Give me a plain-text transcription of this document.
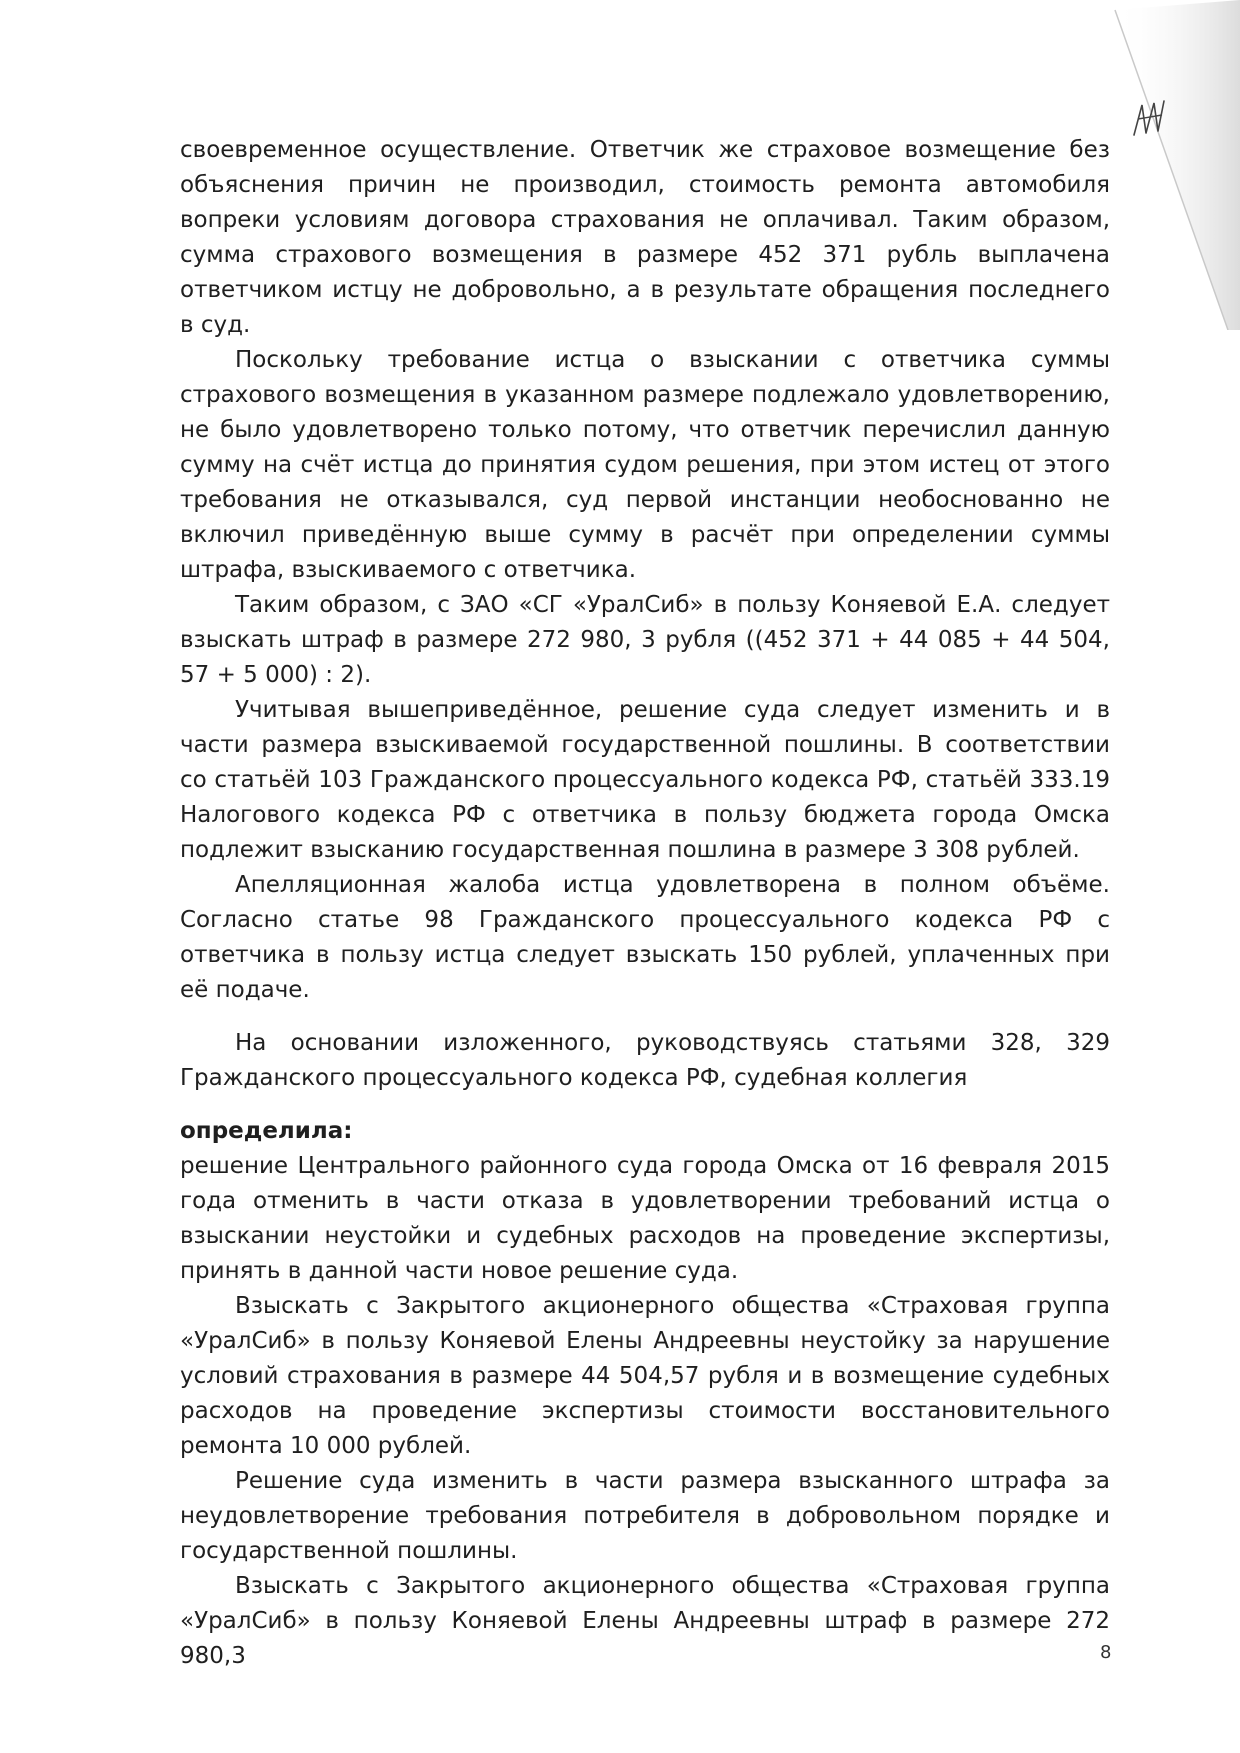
своевременное осуществление. Ответчик же страховое возмещение без объяснения причин не производил, стоимость ремонта автомобиля вопреки условиям договора страхования не оплачивал. Таким образом, сумма страхового возмещения в размере 452 371 рубль выплачена ответчиком истцу не добровольно, а в результате обращения последнего в суд.

Поскольку требование истца о взыскании с ответчика суммы страхового возмещения в указанном размере подлежало удовлетворению, не было удовлетворено только потому, что ответчик перечислил данную сумму на счёт истца до принятия судом решения, при этом истец от этого требования не отказывался, суд первой инстанции необоснованно не включил приведённую выше сумму в расчёт при определении суммы штрафа, взыскиваемого с ответчика.

Таким образом, с ЗАО «СГ «УралСиб» в пользу Коняевой Е.А. следует взыскать штраф в размере 272 980, 3 рубля ((452 371 + 44 085 + 44 504, 57 + 5 000) : 2).

Учитывая вышеприведённое, решение суда следует изменить и в части размера взыскиваемой государственной пошлины. В соответствии со статьёй 103 Гражданского процессуального кодекса РФ, статьёй 333.19 Налогового кодекса РФ с ответчика в пользу бюджета города Омска подлежит взысканию государственная пошлина в размере 3 308 рублей.

Апелляционная жалоба истца удовлетворена в полном объёме. Согласно статье 98 Гражданского процессуального кодекса РФ с ответчика в пользу истца следует взыскать 150 рублей, уплаченных при её подаче.

На основании изложенного, руководствуясь статьями 328, 329 Гражданского процессуального кодекса РФ, судебная коллегия

определила:

решение Центрального районного суда города Омска от 16 февраля 2015 года отменить в части отказа в удовлетворении требований истца о взыскании неустойки и судебных расходов на проведение экспертизы, принять в данной части новое решение суда.

Взыскать с Закрытого акционерного общества «Страховая группа «УралСиб» в пользу Коняевой Елены Андреевны неустойку за нарушение условий страхования в размере 44 504,57 рубля и в возмещение судебных расходов на проведение экспертизы стоимости восстановительного ремонта 10 000 рублей.

Решение суда изменить в части размера взысканного штрафа за неудовлетворение требования потребителя в добровольном порядке и государственной пошлины.

Взыскать с Закрытого акционерного общества «Страховая группа «УралСиб» в пользу Коняевой Елены Андреевны штраф в размере 272 980,3	8
